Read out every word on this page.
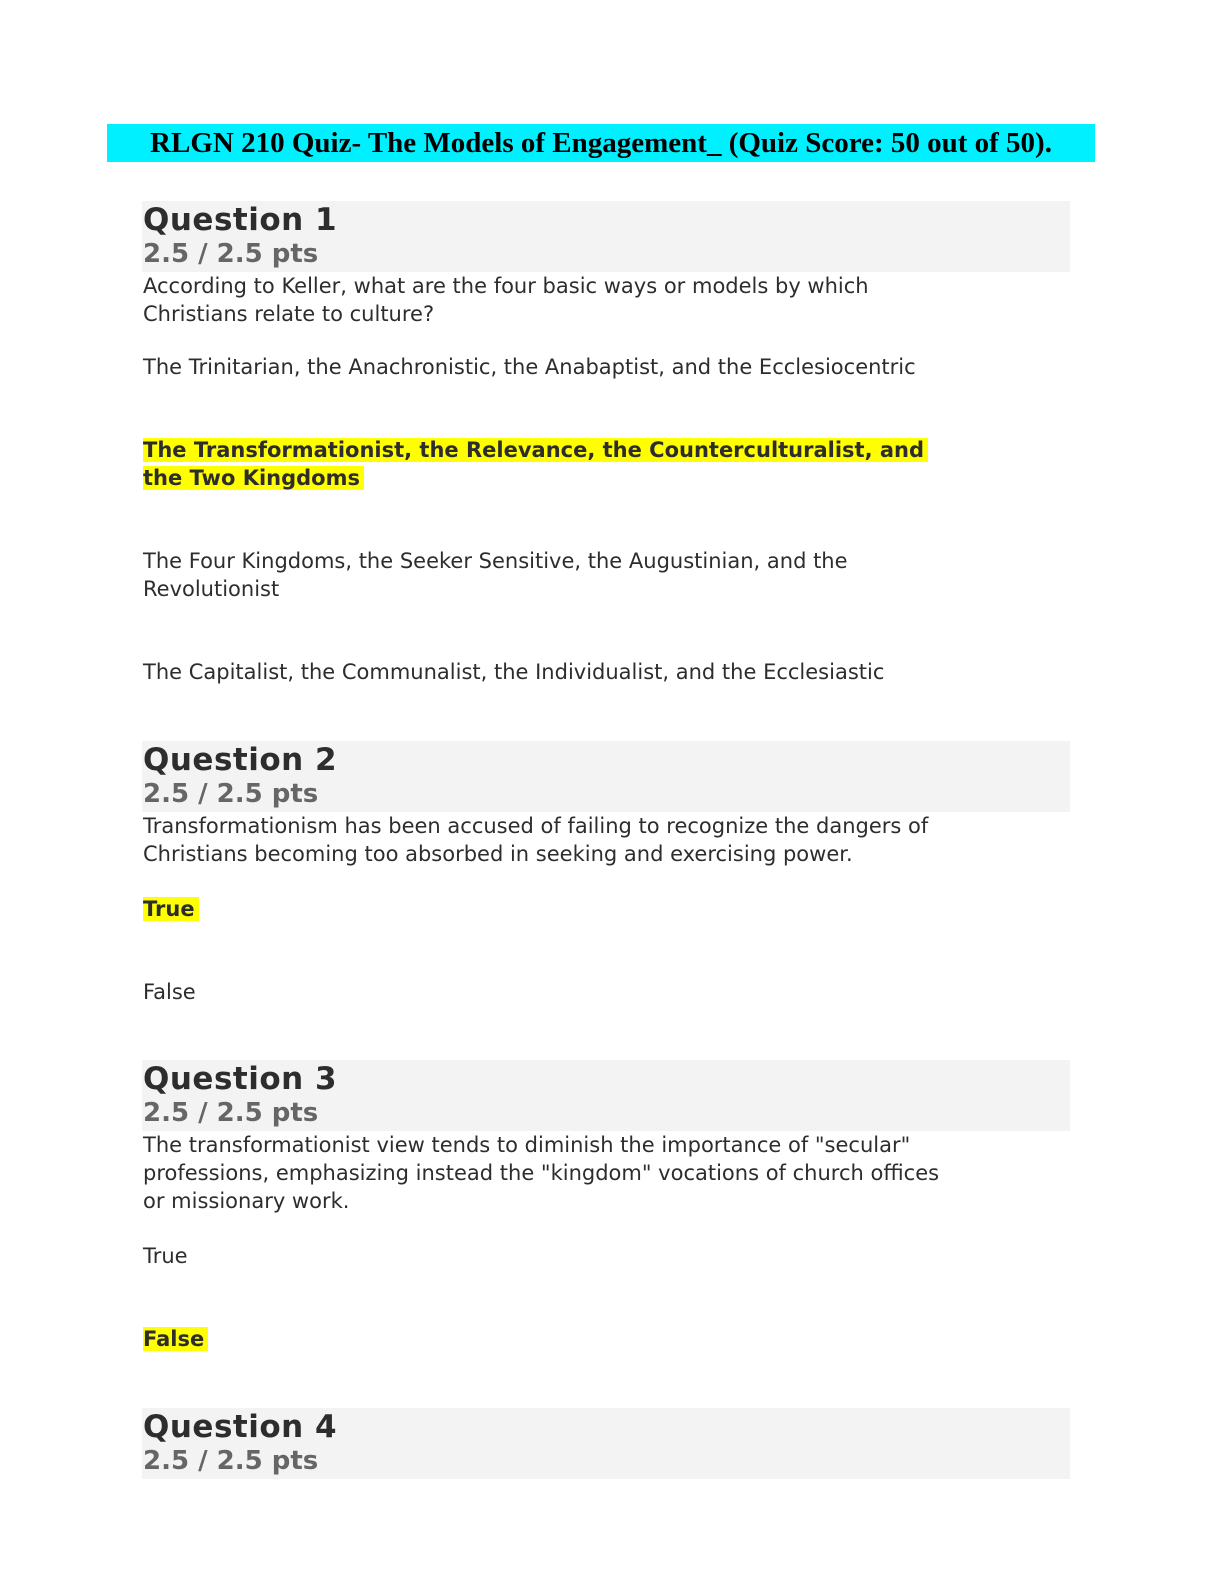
RLGN 210 Quiz- The Models of Engagement_ (Quiz Score: 50 out of 50).
Question 1
2.5 / 2.5 pts
According to Keller, what are the four basic ways or models by which
Christians relate to culture?
The Trinitarian, the Anachronistic, the Anabaptist, and the Ecclesiocentric
The Transformationist, the Relevance, the Counterculturalist, and
the Two Kingdoms
The Four Kingdoms, the Seeker Sensitive, the Augustinian, and the
Revolutionist
The Capitalist, the Communalist, the Individualist, and the Ecclesiastic
Question 2
2.5 / 2.5 pts
Transformationism has been accused of failing to recognize the dangers of
Christians becoming too absorbed in seeking and exercising power.
True
False
Question 3
2.5 / 2.5 pts
The transformationist view tends to diminish the importance of "secular"
professions, emphasizing instead the "kingdom" vocations of church offices
or missionary work.
True
False
Question 4
2.5 / 2.5 pts
